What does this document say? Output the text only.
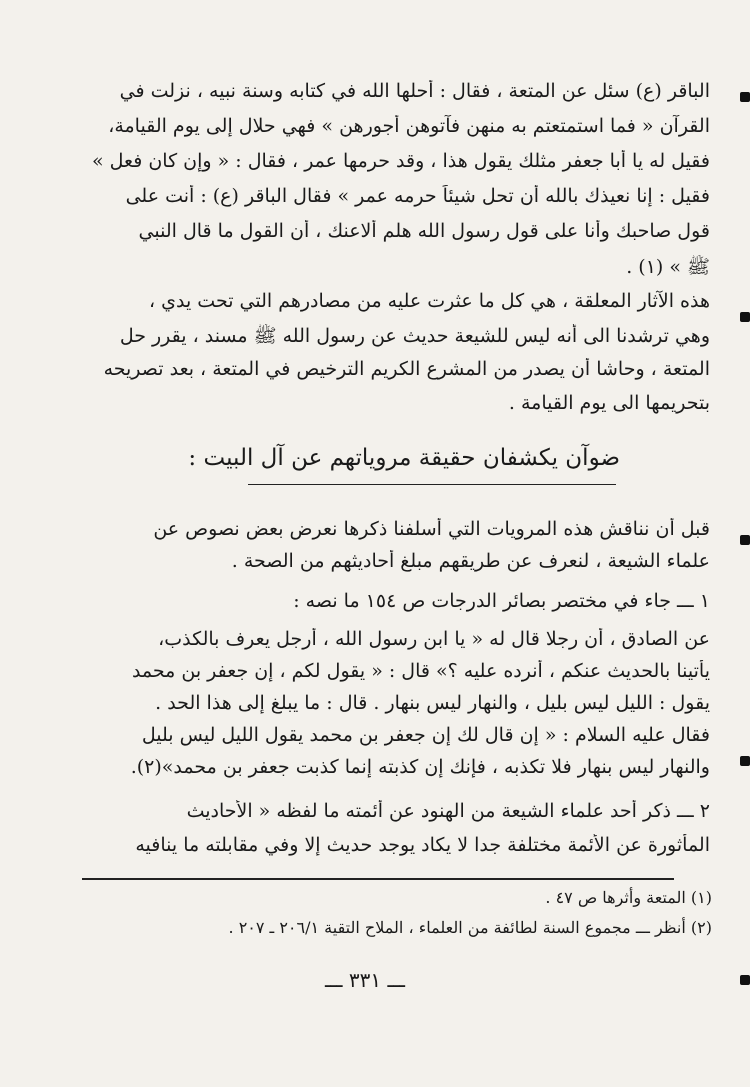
الباقر (ع) سئل عن المتعة ، فقال : أحلها الله في كتابه وسنة نبيه ، نزلت في
القرآن « فما استمتعتم به منهن فآتوهن أجورهن » فهي حلال إلى يوم القيامة،
فقيل له يا أبا جعفر مثلك يقول هذا ، وقد حرمها عمر ، فقال : « وإن كان فعل »
فقيل : إنا نعيذك بالله أن تحل شيئاً حرمه عمر » فقال الباقر (ع) : أنت على
قول صاحبك وأنا على قول رسول الله هلم ألاعنك ، أن القول ما قال النبي
ﷺ » (١) .
هذه الآثار المعلقة ، هي كل ما عثرت عليه من مصادرهم التي تحت يدي ،
وهي ترشدنا الى أنه ليس للشيعة حديث عن رسول الله ﷺ مسند ، يقرر حل
المتعة ، وحاشا أن يصدر من المشرع الكريم الترخيص في المتعة ، بعد تصريحه
بتحريمها الى يوم القيامة .
ضوآن يكشفان حقيقة مروياتهم عن آل البيت :
قبل أن نناقش هذه المرويات التي أسلفنا ذكرها نعرض بعض نصوص عن
علماء الشيعة ، لنعرف عن طريقهم مبلغ أحاديثهم من الصحة .
١ ـــ جاء في مختصر بصائر الدرجات ص ١٥٤ ما نصه :
عن الصادق ، أن رجلا قال له « يا ابن رسول الله ، أرجل يعرف بالكذب،
يأتينا بالحديث عنكم ، أنرده عليه ؟» قال : « يقول لكم ، إن جعفر بن محمد
يقول : الليل ليس بليل ، والنهار ليس بنهار . قال : ما يبلغ إلى هذا الحد .
فقال عليه السلام : « إن قال لك إن جعفر بن محمد يقول الليل ليس بليل
والنهار ليس بنهار فلا تكذبه ، فإنك إن كذبته إنما كذبت جعفر بن محمد»(٢).
٢ ـــ ذكر أحد علماء الشيعة من الهنود عن أئمته ما لفظه « الأحاديث
المأثورة عن الأئمة مختلفة جدا لا يكاد يوجد حديث إلا وفي مقابلته ما ينافيه
(١) المتعة وأثرها ص ٤٧ .
(٢) أنظر ـــ مجموع السنة لطائفة من العلماء ، الملاح التقية ٢٠٦/١ ـ ٢٠٧ .
ـــ ٣٣١ ـــ
